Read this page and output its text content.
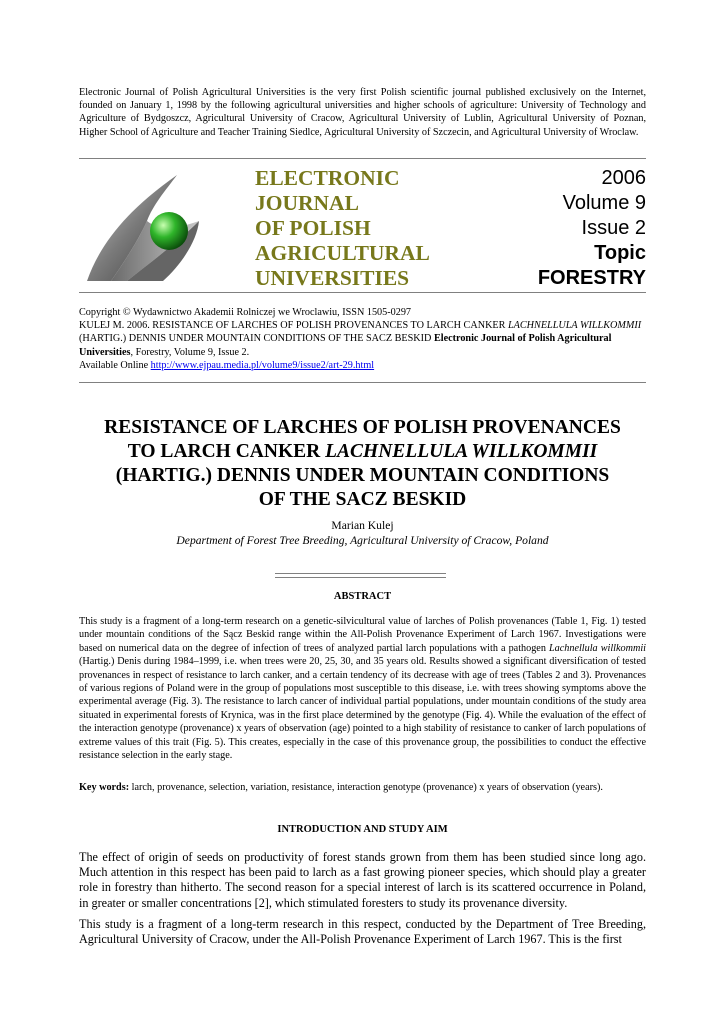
Electronic Journal of Polish Agricultural Universities is the very first Polish scientific journal published exclusively on the Internet, founded on January 1, 1998 by the following agricultural universities and higher schools of agriculture: University of Technology and Agriculture of Bydgoszcz, Agricultural University of Cracow, Agricultural University of Lublin, Agricultural University of Poznan, Higher School of Agriculture and Teacher Training Siedlce, Agricultural University of Szczecin, and Agricultural University of Wroclaw.

ELECTRONIC
JOURNAL
OF POLISH
AGRICULTURAL
UNIVERSITIES
2006
Volume 9
Issue 2
Topic
FORESTRY
Copyright © Wydawnictwo Akademii Rolniczej we Wroclawiu, ISSN 1505-0297
KULEJ M. 2006. RESISTANCE OF LARCHES OF POLISH PROVENANCES TO LARCH CANKER LACHNELLULA WILLKOMMII (HARTIG.) DENNIS UNDER MOUNTAIN CONDITIONS OF THE SACZ BESKID Electronic Journal of Polish Agricultural Universities, Forestry, Volume 9, Issue 2.
Available Online http://www.ejpau.media.pl/volume9/issue2/art-29.html
RESISTANCE OF LARCHES OF POLISH PROVENANCES
TO LARCH CANKER LACHNELLULA WILLKOMMII
(HARTIG.) DENNIS UNDER MOUNTAIN CONDITIONS
OF THE SACZ BESKID
Marian Kulej
Department of Forest Tree Breeding, Agricultural University of Cracow, Poland
ABSTRACT

This study is a fragment of a long-term research on a genetic-silvicultural value of larches of Polish provenances (Table 1, Fig. 1) tested under mountain conditions of the Sącz Beskid range within the All-Polish Provenance Experiment of Larch 1967. Investigations were based on numerical data on the degree of infection of trees of analyzed partial larch populations with a pathogen Lachnellula willkommii (Hartig.) Denis during 1984–1999, i.e. when trees were 20, 25, 30, and 35 years old. Results showed a significant diversification of tested provenances in respect of resistance to larch canker, and a certain tendency of its decrease with age of trees (Tables 2 and 3). Provenances of various regions of Poland were in the group of populations most susceptible to this disease, i.e. with trees showing symptoms above the experimental average (Fig. 3). The resistance to larch cancer of individual partial populations, under mountain conditions of the study area situated in experimental forests of Krynica, was in the first place determined by the genotype (Fig. 4). While the evaluation of the effect of the interaction genotype (provenance) x years of observation (age) pointed to a high stability of resistance to canker of larch populations of extreme values of this trait (Fig. 5). This creates, especially in the case of this provenance group, the possibilities to conduct the effective resistance selection in the early stage.

Key words: larch, provenance, selection, variation, resistance, interaction genotype (provenance) x years of observation (years).

INTRODUCTION AND STUDY AIM

The effect of origin of seeds on productivity of forest stands grown from them has been studied since long ago. Much attention in this respect has been paid to larch as a fast growing pioneer species, which should play a greater role in forestry than hitherto. The second reason for a special interest of larch is its scattered occurrence in Poland, in greater or smaller concentrations [2], which stimulated foresters to study its provenance diversity.

This study is a fragment of a long-term research in this respect, conducted by the Department of Tree Breeding, Agricultural University of Cracow, under the All-Polish Provenance Experiment of Larch 1967. This is the first
